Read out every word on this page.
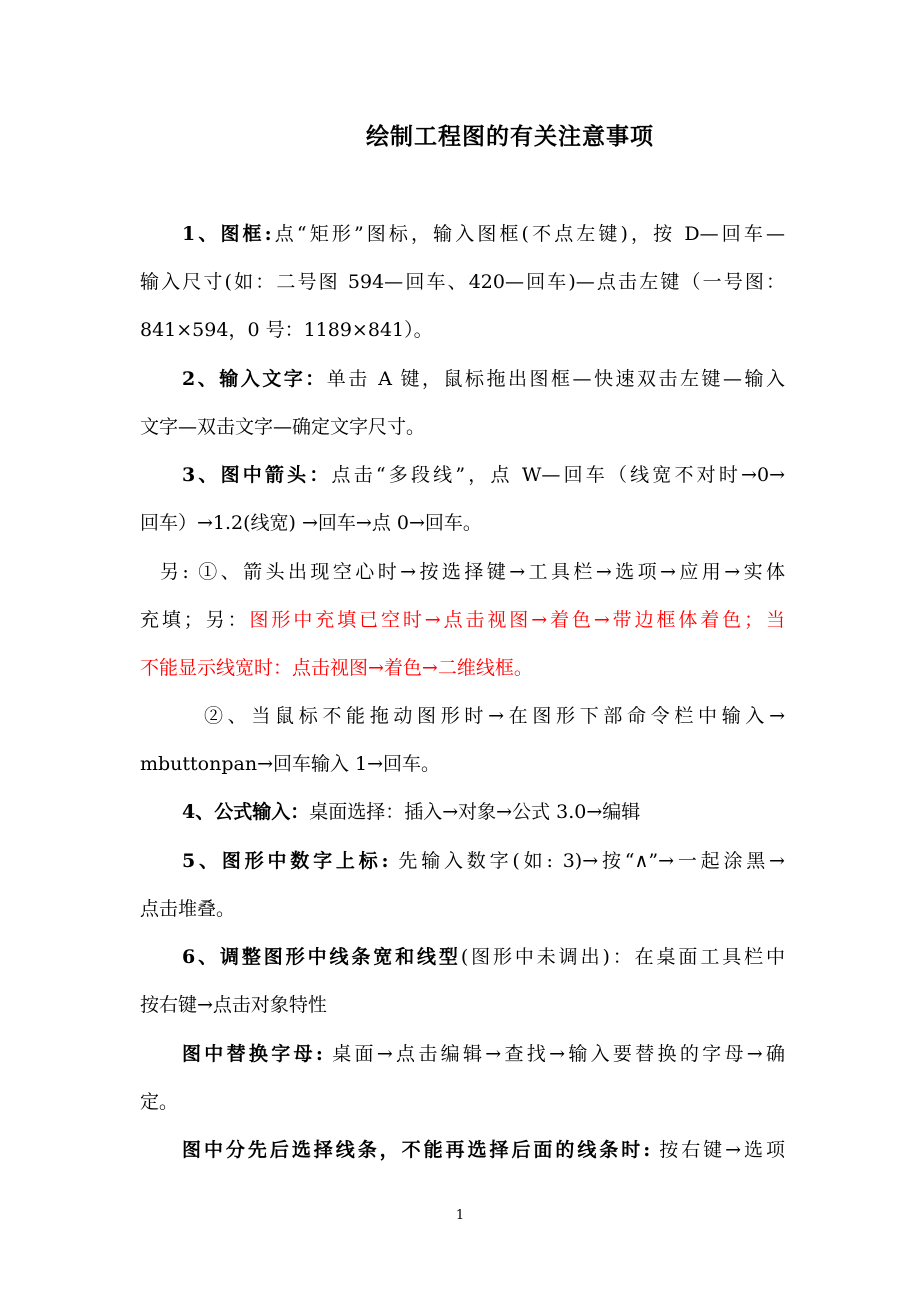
绘制工程图的有关注意事项
1、图框:点“矩形”图标，输入图框(不点左键)，按 D—回车—
输入尺寸(如：二号图 594—回车、420—回车)—点击左键（一号图：
841×594，0 号：1189×841）。
2、输入文字：单击 A 键，鼠标拖出图框—快速双击左键—输入
文字—双击文字—确定文字尺寸。
3、图中箭头：点击“多段线”，点 W—回车（线宽不对时→0→
回车）→1.2(线宽) →回车→点 0→回车。
另: ①、箭头出现空心时→按选择键→工具栏→选项→应用→实体
充填；另：图形中充填已空时→点击视图→着色→带边框体着色；当
不能显示线宽时：点击视图→着色→二维线框。
②、当鼠标不能拖动图形时→在图形下部命令栏中输入→
mbuttonpan→回车输入 1→回车。
4、公式输入：桌面选择：插入→对象→公式 3.0→编辑
5、图形中数字上标: 先输入数字(如: 3)→按“∧”→一起涂黑→
点击堆叠。
6、调整图形中线条宽和线型(图形中未调出)：在桌面工具栏中
按右键→点击对象特性
图中替换字母: 桌面→点击编辑→查找→输入要替换的字母→确
定。
图中分先后选择线条，不能再选择后面的线条时: 按右键→选项
1
